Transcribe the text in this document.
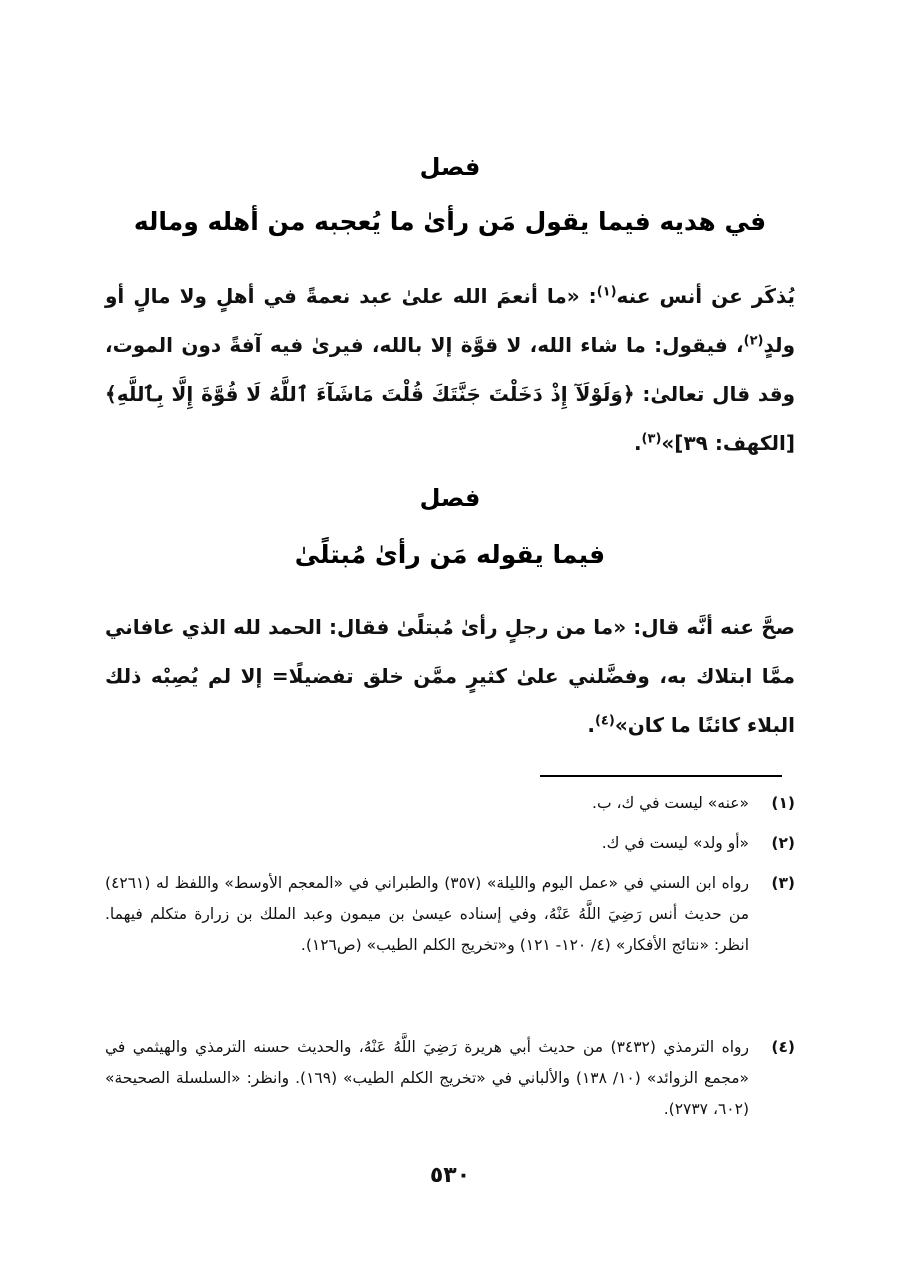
فصل
في هديه فيما يقول مَن رأىٰ ما يُعجبه من أهله وماله

يُذكَر عن أنس عنه$^{(١)}$: «ما أنعمَ الله علىٰ عبد نعمةً في أهلٍ ولا مالٍ أو ولدٍ$^{(٢)}$، فيقول: ما شاء الله، لا قوَّة إلا بالله، فيرىٰ فيه آفةً دون الموت، وقد قال تعالىٰ: ﴿وَلَوْلَآ إِذْ دَخَلْتَ جَنَّتَكَ قُلْتَ مَاشَآءَ ٱللَّهُ لَا قُوَّةَ إِلَّا بِٱللَّهِ﴾ [الكهف: ٣٩]»$^{(٣)}$.

فصل
فيما يقوله مَن رأىٰ مُبتلًىٰ

صحَّ عنه أنَّه قال: «ما من رجلٍ رأىٰ مُبتلًىٰ فقال: الحمد لله الذي عافاني ممَّا ابتلاك به، وفضَّلني علىٰ كثيرٍ ممَّن خلق تفضيلًا= إلا لم يُصِبْه ذلك البلاء كائنًا ما كان»$^{(٤)}$.

(١)
«عنه» ليست في ك، ب.
(٢)
«أو ولد» ليست في ك.
(٣)
رواه ابن السني في «عمل اليوم والليلة» (٣٥٧) والطبراني في «المعجم الأوسط» واللفظ له (٤٢٦١) من حديث أنس رَضِيَ اللَّهُ عَنْهُ، وفي إسناده عيسىٰ بن ميمون وعبد الملك بن زرارة متكلم فيهما. انظر: «نتائج الأفكار» (٤/ ١٢٠- ١٢١) و«تخريج الكلم الطيب» (ص١٢٦).
(٤)
رواه الترمذي (٣٤٣٢) من حديث أبي هريرة رَضِيَ اللَّهُ عَنْهُ، والحديث حسنه الترمذي والهيثمي في «مجمع الزوائد» (١٠/ ١٣٨) والألباني في «تخريج الكلم الطيب» (١٦٩). وانظر: «السلسلة الصحيحة» (٦٠٢، ٢٧٣٧).
٥٣٠
